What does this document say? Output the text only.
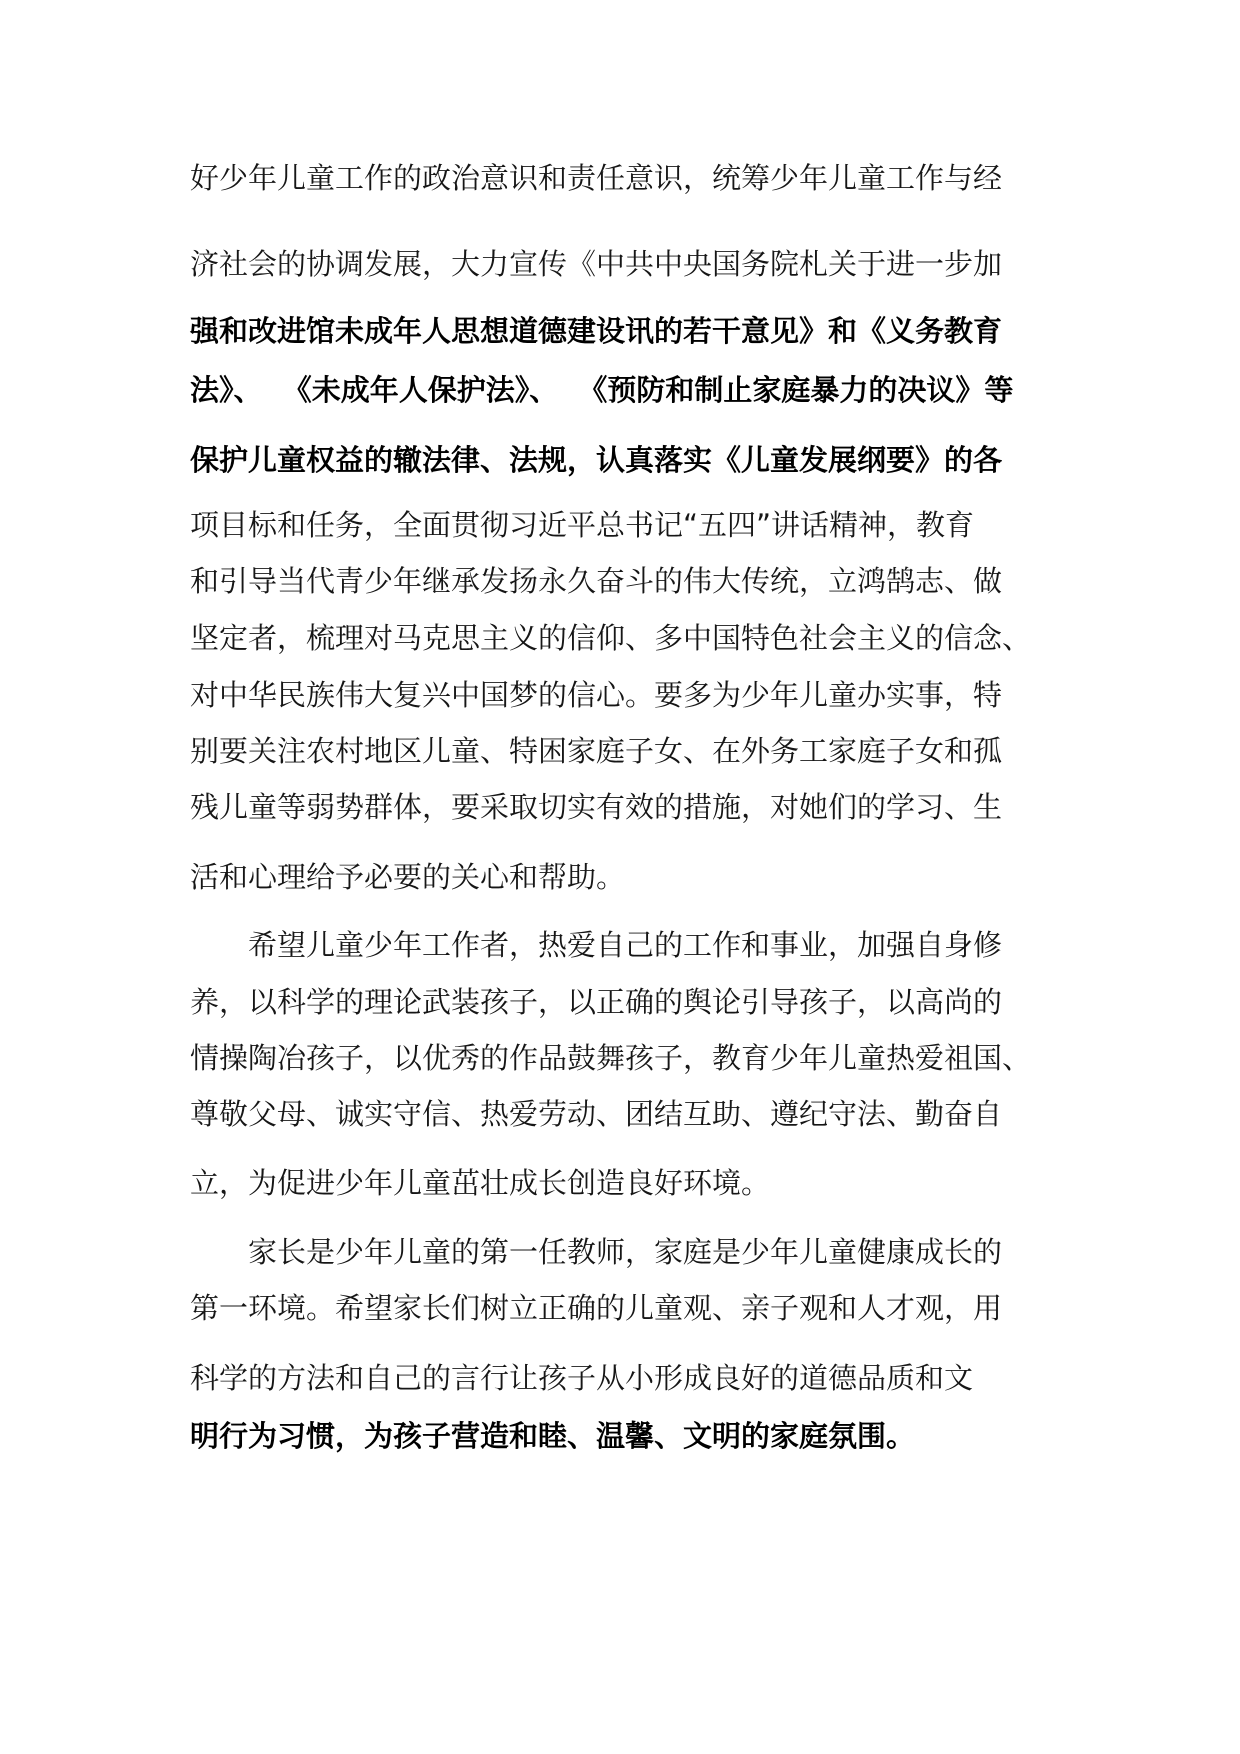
好少年儿童工作的政治意识和责任意识，统筹少年儿童工作与经
济社会的协调发展，大力宣传《中共中央国务院札关于进一步加
强和改进馆未成年人思想道德建设讯的若干意见》和《义务教育
法》、  《未成年人保护法》、  《预防和制止家庭暴力的决议》等
保护儿童权益的辙法律、法规，认真落实《儿童发展纲要》的各
项目标和任务，全面贯彻习近平总书记“五四”讲话精神，教育
和引导当代青少年继承发扬永久奋斗的伟大传统，立鸿鹄志、做
坚定者，梳理对马克思主义的信仰、多中国特色社会主义的信念、
对中华民族伟大复兴中国梦的信心。要多为少年儿童办实事，特
别要关注农村地区儿童、特困家庭子女、在外务工家庭子女和孤
残儿童等弱势群体，要采取切实有效的措施，对她们的学习、生
活和心理给予必要的关心和帮助。
　　希望儿童少年工作者，热爱自己的工作和事业，加强自身修
养，以科学的理论武装孩子，以正确的舆论引导孩子，以高尚的
情操陶冶孩子，以优秀的作品鼓舞孩子，教育少年儿童热爱祖国、
尊敬父母、诚实守信、热爱劳动、团结互助、遵纪守法、勤奋自
立，为促进少年儿童茁壮成长创造良好环境。
　　家长是少年儿童的第一任教师，家庭是少年儿童健康成长的
第一环境。希望家长们树立正确的儿童观、亲子观和人才观，用
科学的方法和自己的言行让孩子从小形成良好的道德品质和文
明行为习惯，为孩子营造和睦、温馨、文明的家庭氛围。
